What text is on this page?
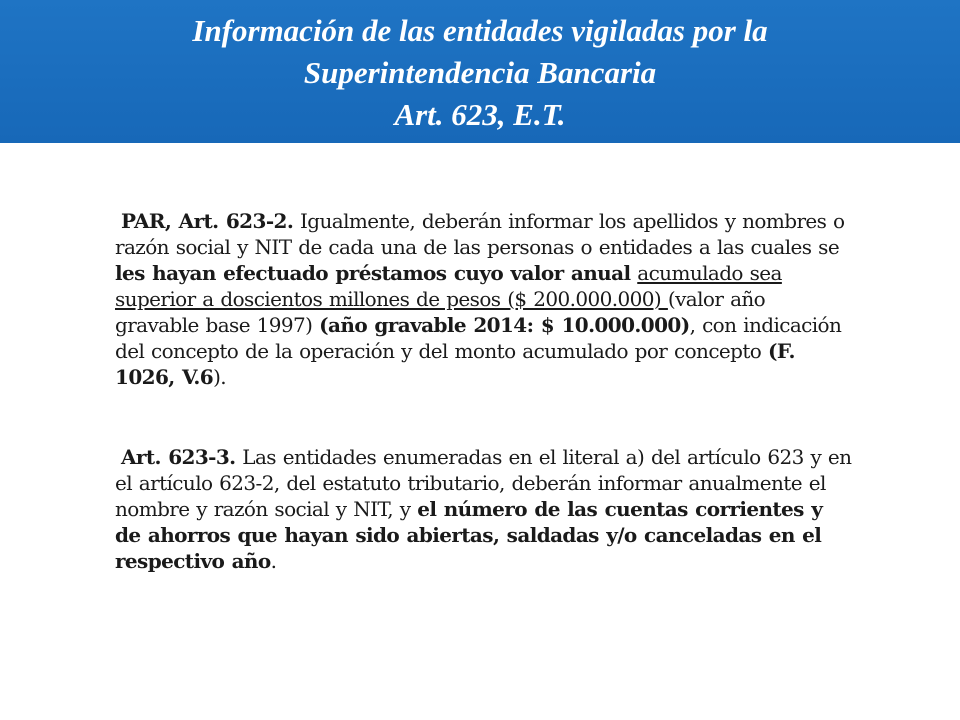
Información de las entidades vigiladas por la
Superintendencia Bancaria
Art. 623, E.T.

PAR, Art. 623-2. Igualmente, deberán informar los apellidos y nombres o razón social y NIT de cada una de las personas o entidades a las cuales se les hayan efectuado préstamos cuyo valor anual acumulado sea superior a doscientos millones de pesos ($ 200.000.000) (valor año gravable base 1997) (año gravable 2014: $ 10.000.000), con indicación del concepto de la operación y del monto acumulado por concepto (F. 1026, V.6).

Art. 623-3. Las entidades enumeradas en el literal a) del artículo 623 y en el artículo 623-2, del estatuto tributario, deberán informar anualmente el nombre y razón social y NIT, y el número de las cuentas corrientes y de ahorros que hayan sido abiertas, saldadas y/o canceladas en el respectivo año.
